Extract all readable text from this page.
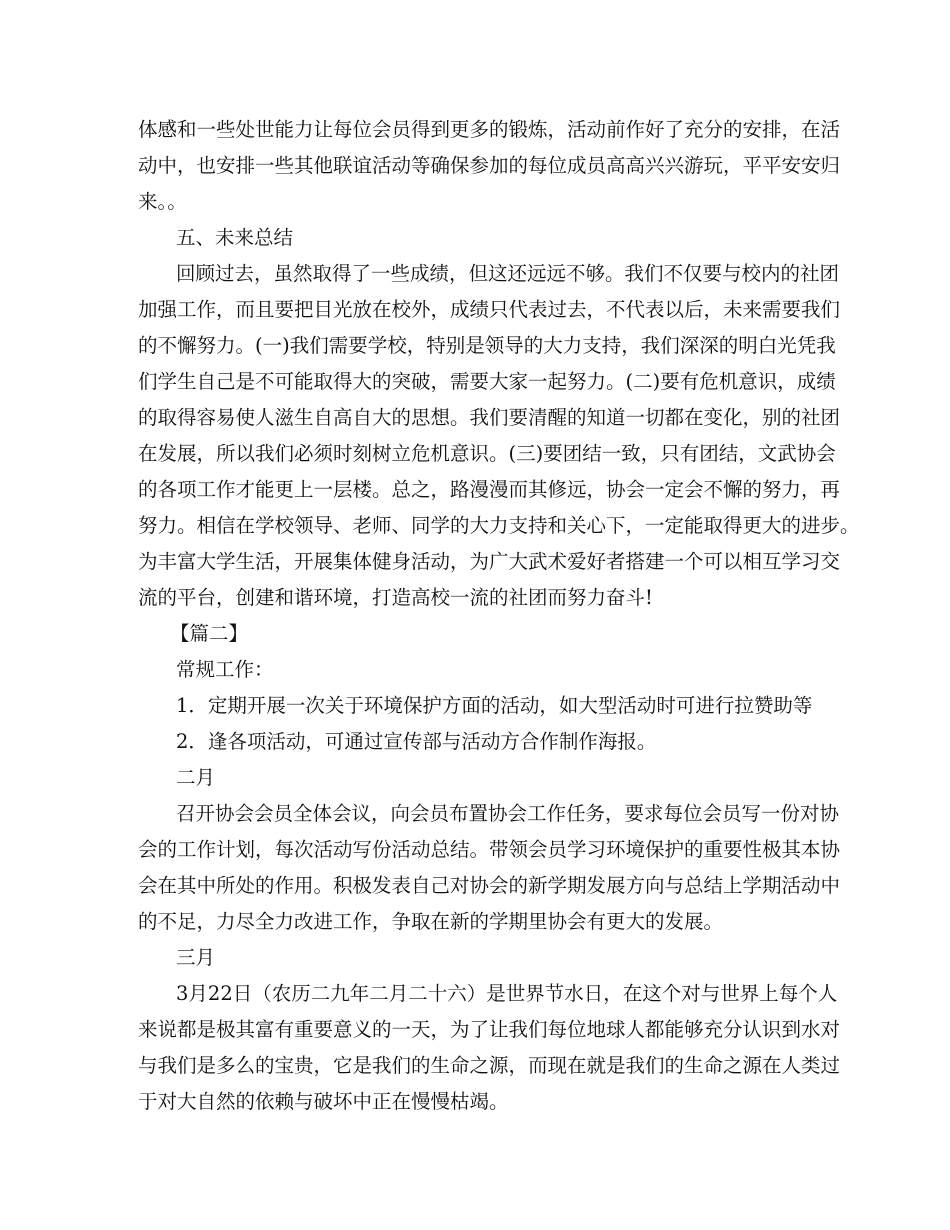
体感和一些处世能力让每位会员得到更多的锻炼，活动前作好了充分的安排，在活
动中，也安排一些其他联谊活动等确保参加的每位成员高高兴兴游玩，平平安安归
来。。
五、未来总结
回顾过去，虽然取得了一些成绩，但这还远远不够。我们不仅要与校内的社团
加强工作，而且要把目光放在校外，成绩只代表过去，不代表以后，未来需要我们
的不懈努力。(一)我们需要学校，特别是领导的大力支持，我们深深的明白光凭我
们学生自己是不可能取得大的突破，需要大家一起努力。(二)要有危机意识，成绩
的取得容易使人滋生自高自大的思想。我们要清醒的知道一切都在变化，别的社团
在发展，所以我们必须时刻树立危机意识。(三)要团结一致，只有团结，文武协会
的各项工作才能更上一层楼。总之，路漫漫而其修远，协会一定会不懈的努力，再
努力。相信在学校领导、老师、同学的大力支持和关心下，一定能取得更大的进步。
为丰富大学生活，开展集体健身活动，为广大武术爱好者搭建一个可以相互学习交
流的平台，创建和谐环境，打造高校一流的社团而努力奋斗!
【篇二】
常规工作：
1．定期开展一次关于环境保护方面的活动，如大型活动时可进行拉赞助等
2．逢各项活动，可通过宣传部与活动方合作制作海报。
二月
召开协会会员全体会议，向会员布置协会工作任务，要求每位会员写一份对协
会的工作计划，每次活动写份活动总结。带领会员学习环境保护的重要性极其本协
会在其中所处的作用。积极发表自己对协会的新学期发展方向与总结上学期活动中
的不足，力尽全力改进工作，争取在新的学期里协会有更大的发展。
三月
3月22日（农历二九年二月二十六）是世界节水日，在这个对与世界上每个人
来说都是极其富有重要意义的一天，为了让我们每位地球人都能够充分认识到水对
与我们是多么的宝贵，它是我们的生命之源，而现在就是我们的生命之源在人类过
于对大自然的依赖与破坏中正在慢慢枯竭。
